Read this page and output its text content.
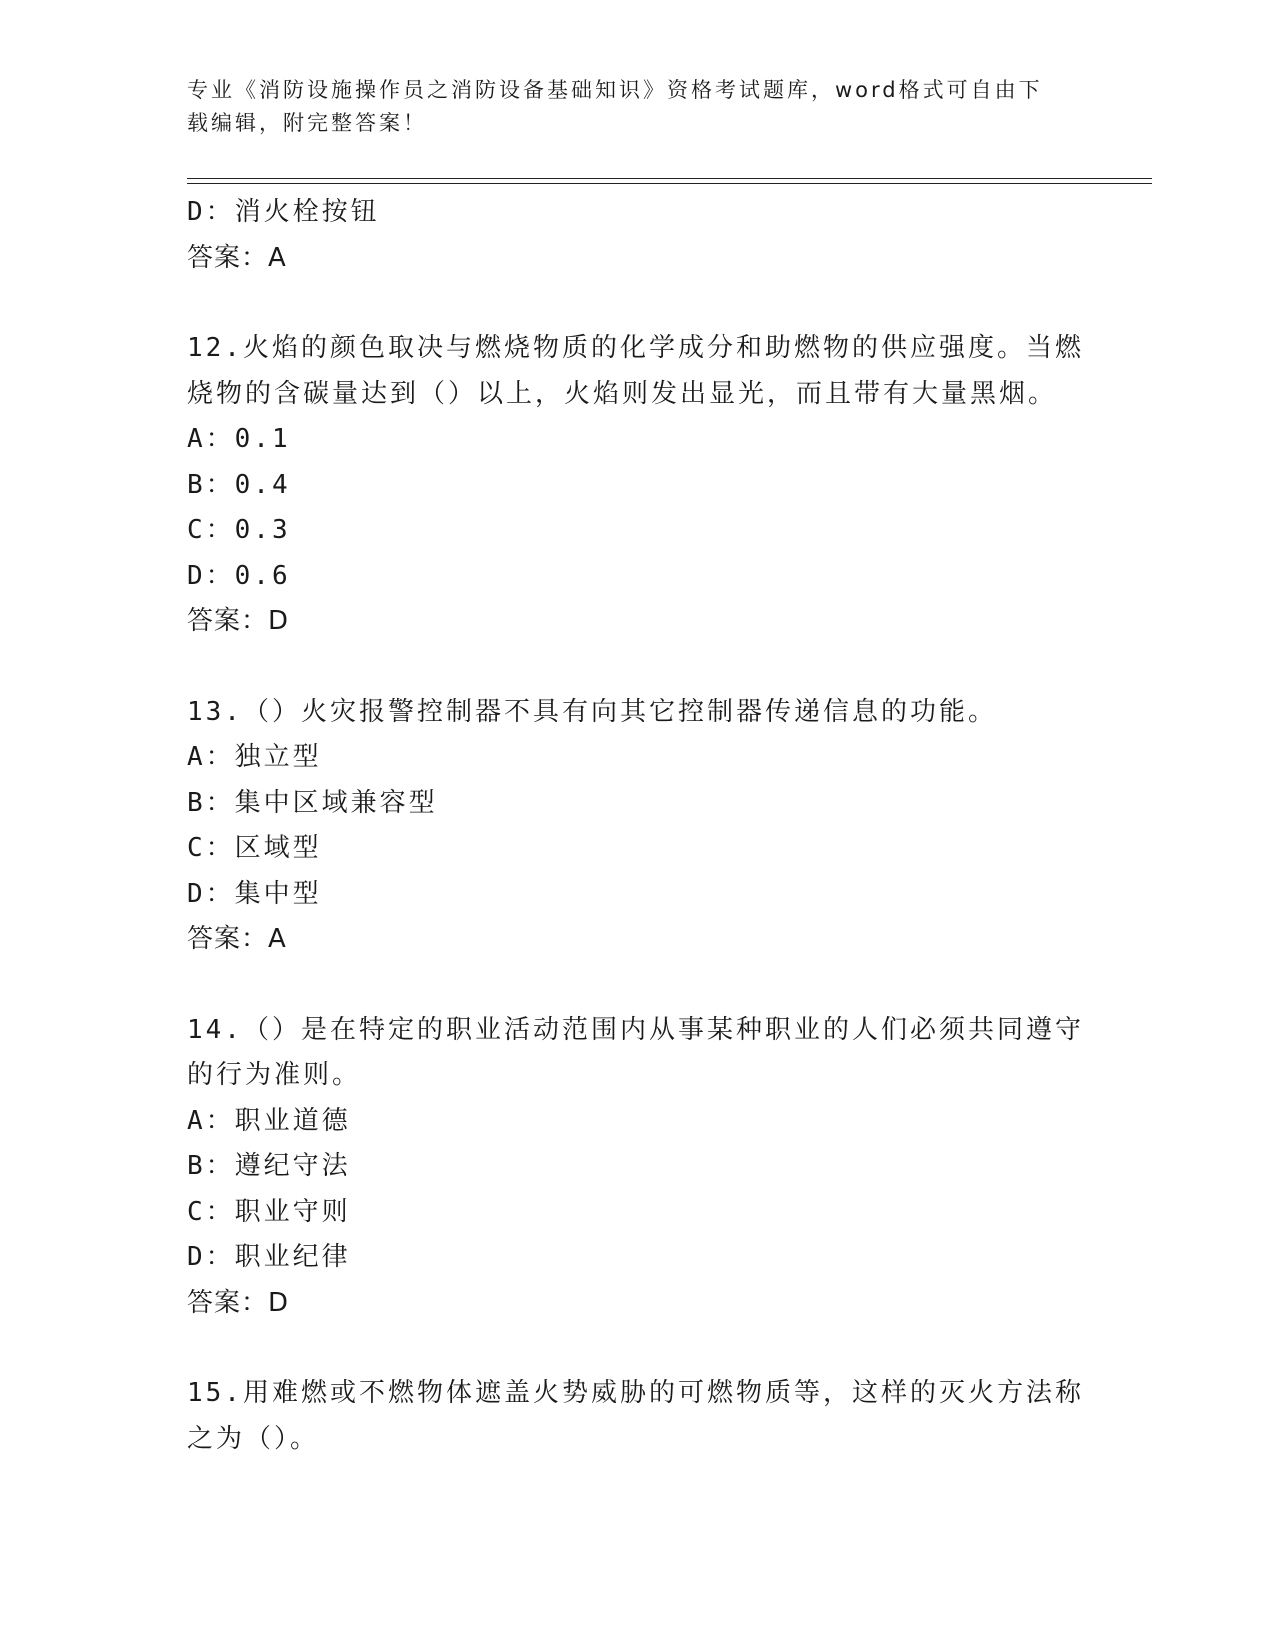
专业《消防设施操作员之消防设备基础知识》资格考试题库，word格式可自由下
载编辑，附完整答案！
D：消火栓按钮
答案：A
12.火焰的颜色取决与燃烧物质的化学成分和助燃物的供应强度。当燃
烧物的含碳量达到（）以上，火焰则发出显光，而且带有大量黑烟。
A：0.1
B：0.4
C：0.3
D：0.6
答案：D
13.（）火灾报警控制器不具有向其它控制器传递信息的功能。
A：独立型
B：集中区域兼容型
C：区域型
D：集中型
答案：A
14.（）是在特定的职业活动范围内从事某种职业的人们必须共同遵守
的行为准则。
A：职业道德
B：遵纪守法
C：职业守则
D：职业纪律
答案：D
15.用难燃或不燃物体遮盖火势威胁的可燃物质等，这样的灭火方法称
之为（）。
